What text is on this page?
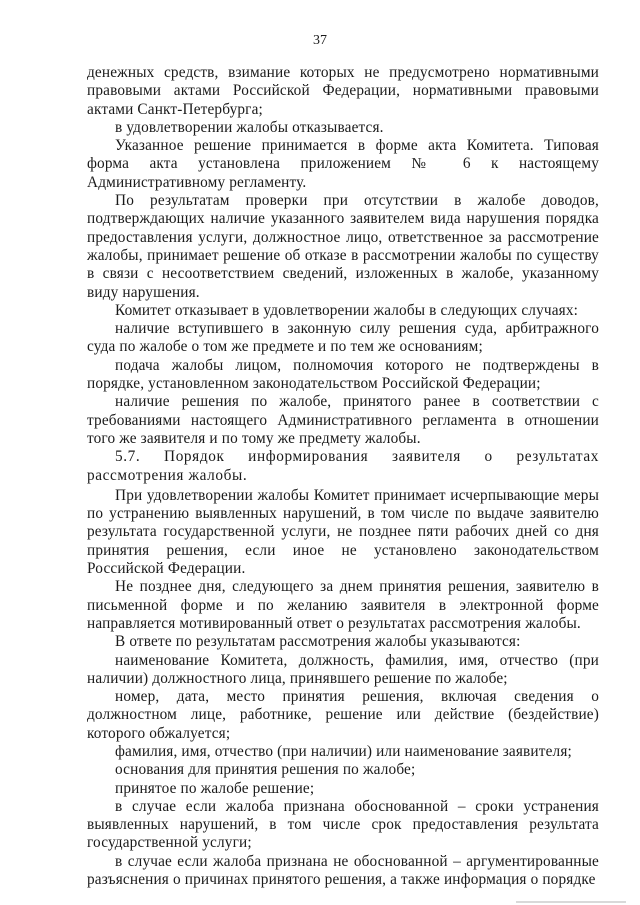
37

денежных средств, взимание которых не предусмотрено нормативными правовыми актами Российской Федерации, нормативными правовыми актами Санкт-Петербурга;

в удовлетворении жалобы отказывается.

Указанное решение принимается в форме акта Комитета. Типовая форма акта установлена приложением № 6 к настоящему Административному регламенту.

По результатам проверки при отсутствии в жалобе доводов, подтверждающих наличие указанного заявителем вида нарушения порядка предоставления услуги, должностное лицо, ответственное за рассмотрение жалобы, принимает решение об отказе в рассмотрении жалобы по существу в связи с несоответствием сведений, изложенных в жалобе, указанному виду нарушения.

Комитет отказывает в удовлетворении жалобы в следующих случаях:

наличие вступившего в законную силу решения суда, арбитражного суда по жалобе о том же предмете и по тем же основаниям;

подача жалобы лицом, полномочия которого не подтверждены в порядке, установленном законодательством Российской Федерации;

наличие решения по жалобе, принятого ранее в соответствии с требованиями настоящего Административного регламента в отношении того же заявителя и по тому же предмету жалобы.

5.7. Порядок информирования заявителя о результатах рассмотрения жалобы.

При удовлетворении жалобы Комитет принимает исчерпывающие меры по устранению выявленных нарушений, в том числе по выдаче заявителю результата государственной услуги, не позднее пяти рабочих дней со дня принятия решения, если иное не установлено законодательством Российской Федерации.

Не позднее дня, следующего за днем принятия решения, заявителю в письменной форме и по желанию заявителя в электронной форме направляется мотивированный ответ о результатах рассмотрения жалобы.

В ответе по результатам рассмотрения жалобы указываются:

наименование Комитета, должность, фамилия, имя, отчество (при наличии) должностного лица, принявшего решение по жалобе;

номер, дата, место принятия решения, включая сведения о должностном лице, работнике, решение или действие (бездействие) которого обжалуется;

фамилия, имя, отчество (при наличии) или наименование заявителя;

основания для принятия решения по жалобе;

принятое по жалобе решение;

в случае если жалоба признана обоснованной – сроки устранения выявленных нарушений, в том числе срок предоставления результата государственной услуги;

в случае если жалоба признана не обоснованной – аргументированные разъяснения о причинах принятого решения, а также информация о порядке
